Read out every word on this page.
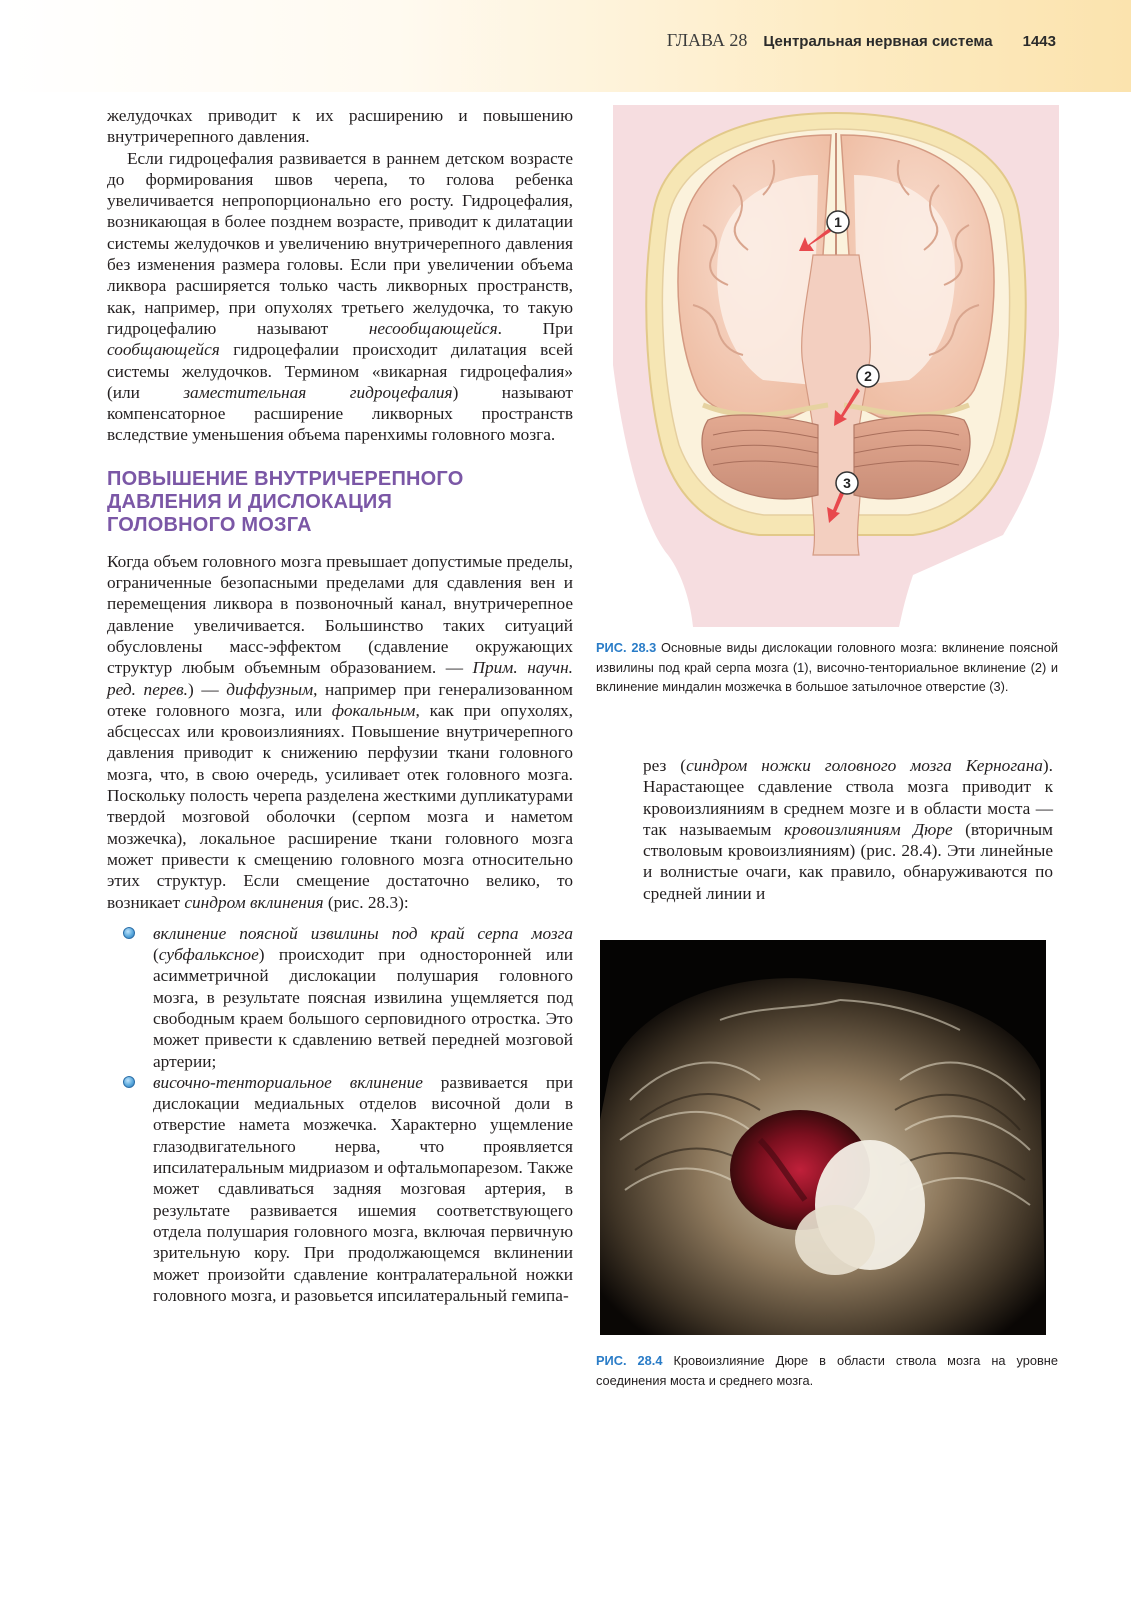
ГЛАВА 28 Центральная нервная система 1443

желудочках приводит к их расширению и повышению внутричерепного давления.

Если гидроцефалия развивается в раннем детском возрасте до формирования швов черепа, то голова ребенка увеличивается непропорционально его росту. Гидроцефалия, возникающая в более позднем возрасте, приводит к дилатации системы желудочков и увеличению внутричерепного давления без изменения размера головы. Если при увеличении объема ликвора расширяется только часть ликворных пространств, как, например, при опухолях третьего желудочка, то такую гидроцефалию называют несообщающейся. При сообщающейся гидроцефалии происходит дилатация всей системы желудочков. Термином «викарная гидроцефалия» (или заместительная гидроцефалия) называют компенсаторное расширение ликворных пространств вследствие уменьшения объема паренхимы головного мозга.

ПОВЫШЕНИЕ ВНУТРИЧЕРЕПНОГО
ДАВЛЕНИЯ И ДИСЛОКАЦИЯ
ГОЛОВНОГО МОЗГА

Когда объем головного мозга превышает допустимые пределы, ограниченные безопасными пределами для сдавления вен и перемещения ликвора в позвоночный канал, внутричерепное давление увеличивается. Большинство таких ситуаций обусловлены масс-эффектом (сдавление окружающих структур любым объемным образованием. — Прим. научн. ред. перев.) — диффузным, например при генерализованном отеке головного мозга, или фокальным, как при опухолях, абсцессах или кровоизлияниях. Повышение внутричерепного давления приводит к снижению перфузии ткани головного мозга, что, в свою очередь, усиливает отек головного мозга. Поскольку полость черепа разделена жесткими дупликатурами твердой мозговой оболочки (серпом мозга и наметом мозжечка), локальное расширение ткани головного мозга может привести к смещению головного мозга относительно этих структур. Если смещение достаточно велико, то возникает синдром вклинения (рис. 28.3):

вклинение поясной извилины под край серпа мозга (субфальксное) происходит при односторонней или асимметричной дислокации полушария головного мозга, в результате поясная извилина ущемляется под свободным краем большого серповидного отростка. Это может привести к сдавлению ветвей передней мозговой артерии;
височно-тенториальное вклинение развивается при дислокации медиальных отделов височной доли в отверстие намета мозжечка. Характерно ущемление глазодвигательного нерва, что проявляется ипсилатеральным мидриазом и офтальмопарезом. Также может сдавливаться задняя мозговая артерия, в результате развивается ишемия соответствующего отдела полушария головного мозга, включая первичную зрительную кору. При продолжающемся вклинении может произойти сдавление контралатеральной ножки головного мозга, и разовьется ипсилатеральный гемипа-
1
2
3
РИС. 28.3 Основные виды дислокации головного мозга: вклинение поясной извилины под край серпа мозга (1), височно-тенториальное вклинение (2) и вклинение миндалин мозжечка в большое затылочное отверстие (3).

рез (синдром ножки головного мозга Керногана). Нарастающее сдавление ствола мозга приводит к кровоизлияниям в среднем мозге и в области моста — так называемым кровоизлияниям Дюре (вторичным стволовым кровоизлияниям) (рис. 28.4). Эти линейные и волнистые очаги, как правило, обнаруживаются по средней линии и

РИС. 28.4 Кровоизлияние Дюре в области ствола мозга на уровне соединения моста и среднего мозга.
